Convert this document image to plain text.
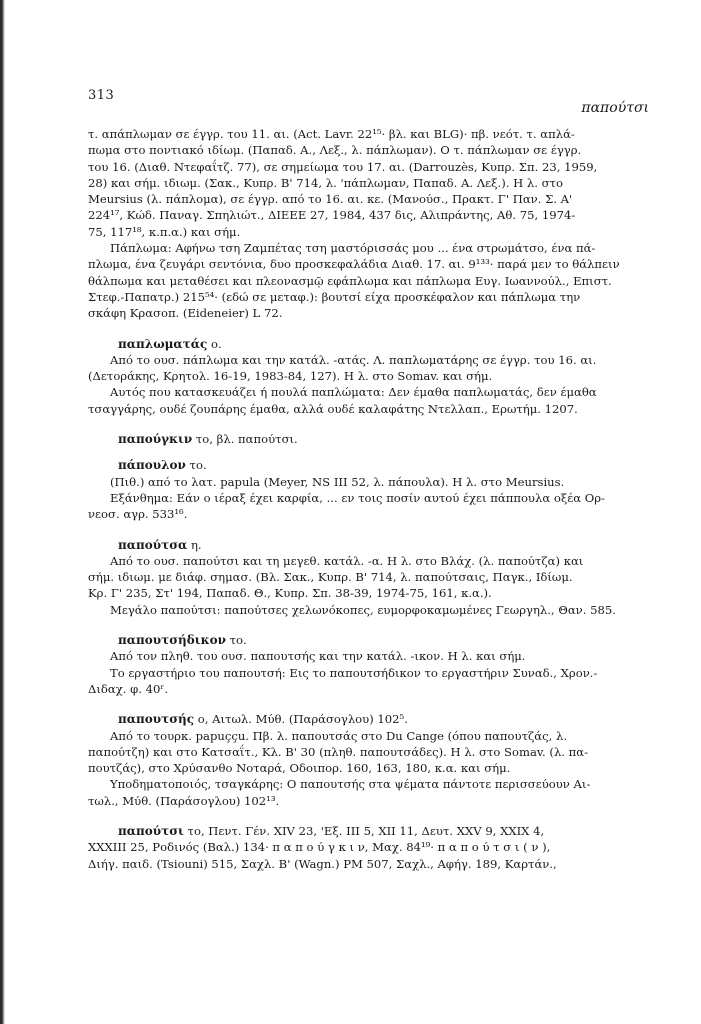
313
παπούτσι
τ. απάπλωμαν σε έγγρ. του 11. αι. (Act. Lavr. 22¹⁵· βλ. και BLG)· πβ. νεότ. τ. απλά-
πωμα στο ποντιακό ιδίωμ. (Παπαδ. Α., Λεξ., λ. πάπλωμαν). Ο τ. πάπλωμαν σε έγγρ.
του 16. (Διαθ. Ντεφαΐτζ. 77), σε σημείωμα του 17. αι. (Darrouzès, Κυπρ. Σπ. 23, 1959,
28) και σήμ. ιδιωμ. (Σακ., Κυπρ. Β' 714, λ. 'πάπλωμαν, Παπαδ. Α. Λεξ.). Η λ. στο
Meursius (λ. πάπλομα), σε έγγρ. από το 16. αι. κε. (Μανούσ., Πρακτ. Γ' Παν. Σ. Α'
224¹⁷, Κώδ. Παναγ. Σπηλιώτ., ΔΙΕΕΕ 27, 1984, 437 δις, Αλιπράντης, Αθ. 75, 1974-
75, 117¹⁸, κ.π.α.) και σήμ.
Πάπλωμα: Αφήνω τση Ζαμπέτας τση μαστόρισσάς μου ... ένα στρωμάτσο, ένα πά-
πλωμα, ένα ζευγάρι σεντόνια, δυο προσκεφαλάδια Διαθ. 17. αι. 9¹³³· παρά μεν το θάλπειν
θάλπωμα και μεταθέσει και πλεονασμῷ εφάπλωμα και πάπλωμα Ευγ. Ιωαννούλ., Επιστ.
Στεφ.-Παπατρ.) 215⁵⁴· (εδώ σε μεταφ.): βουτσί είχα προσκέφαλον και πάπλωμα την
σκάφη Κρασοπ. (Eideneier) L 72.
παπλωματάς ο.
Από το ουσ. πάπλωμα και την κατάλ. -ατάς. Λ. παπλωματάρης σε έγγρ. του 16. αι.
(Δετοράκης, Κρητολ. 16-19, 1983-84, 127). Η λ. στο Somav. και σήμ.
Αυτός που κατασκευάζει ή πουλά παπλώματα: Δεν έμαθα παπλωματάς, δεν έμαθα
τσαγγάρης, ουδέ ζουπάρης έμαθα, αλλά ουδέ καλαφάτης Ντελλαπ., Ερωτήμ. 1207.
παπούγκιν το, βλ. παπούτσι.
πάπουλον το.
(Πιθ.) από το λατ. papula (Meyer, NS III 52, λ. πάπουλα). Η λ. στο Meursius.
Εξάνθημα: Εάν ο ιέραξ έχει καρφία, ... εν τοις ποσίν αυτού έχει πάππουλα οξέα Ορ-
νεοσ. αγρ. 533¹⁶.
παπούτσα η.
Από το ουσ. παπούτσι και τη μεγεθ. κατάλ. -α. Η λ. στο Βλάχ. (λ. παπούτζα) και
σήμ. ιδιωμ. με διάφ. σημασ. (Βλ. Σακ., Κυπρ. Β' 714, λ. παπούτσαις, Παγκ., Ιδίωμ.
Κρ. Γ' 235, Στ' 194, Παπαδ. Θ., Κυπρ. Σπ. 38-39, 1974-75, 161, κ.α.).
Μεγάλο παπούτσι: παπούτσες χελωνόκοπες, ευμορφοκαμωμένες Γεωργηλ., Θαν. 585.
παπουτσήδικον το.
Από τον πληθ. του ουσ. παπουτσής και την κατάλ. -ικον. Η λ. και σήμ.
Το εργαστήριο του παπουτσή: Εις το παπουτσήδικον το εργαστήριν Συναδ., Χρον.-
Διδαχ. φ. 40ʳ.
παπουτσής ο, Αιτωλ. Μύθ. (Παράσογλου) 102⁵.
Από το τουρκ. papuççu. Πβ. λ. παπουτσάς στο Du Cange (όπου παπουτζάς, λ.
παπούτζη) και στο Κατσαΐτ., Κλ. Β' 30 (πληθ. παπουτσάδες). Η λ. στο Somav. (λ. πα-
πουτζάς), στο Χρύσανθο Νοταρά, Οδοιπορ. 160, 163, 180, κ.α. και σήμ.
Υποδηματοποιός, τσαγκάρης: Ο παπουτσής στα ψέματα πάντοτε περισσεύουν Αι-
τωλ., Μύθ. (Παράσογλου) 102¹³.
παπούτσι το, Πεντ. Γέν. XIV 23, 'Εξ. III 5, XII 11, Δευτ. XXV 9, XXIX 4,
XXXIII 25, Ροδινός (Βαλ.) 134· π α π ο ύ γ κ ι ν, Μαχ. 84¹⁹· π α π ο ύ τ σ ι ( ν ),
Διήγ. παιδ. (Tsiouni) 515, Σαχλ. Β' (Wagn.) PM 507, Σαχλ., Αφήγ. 189, Καρτάν.,
